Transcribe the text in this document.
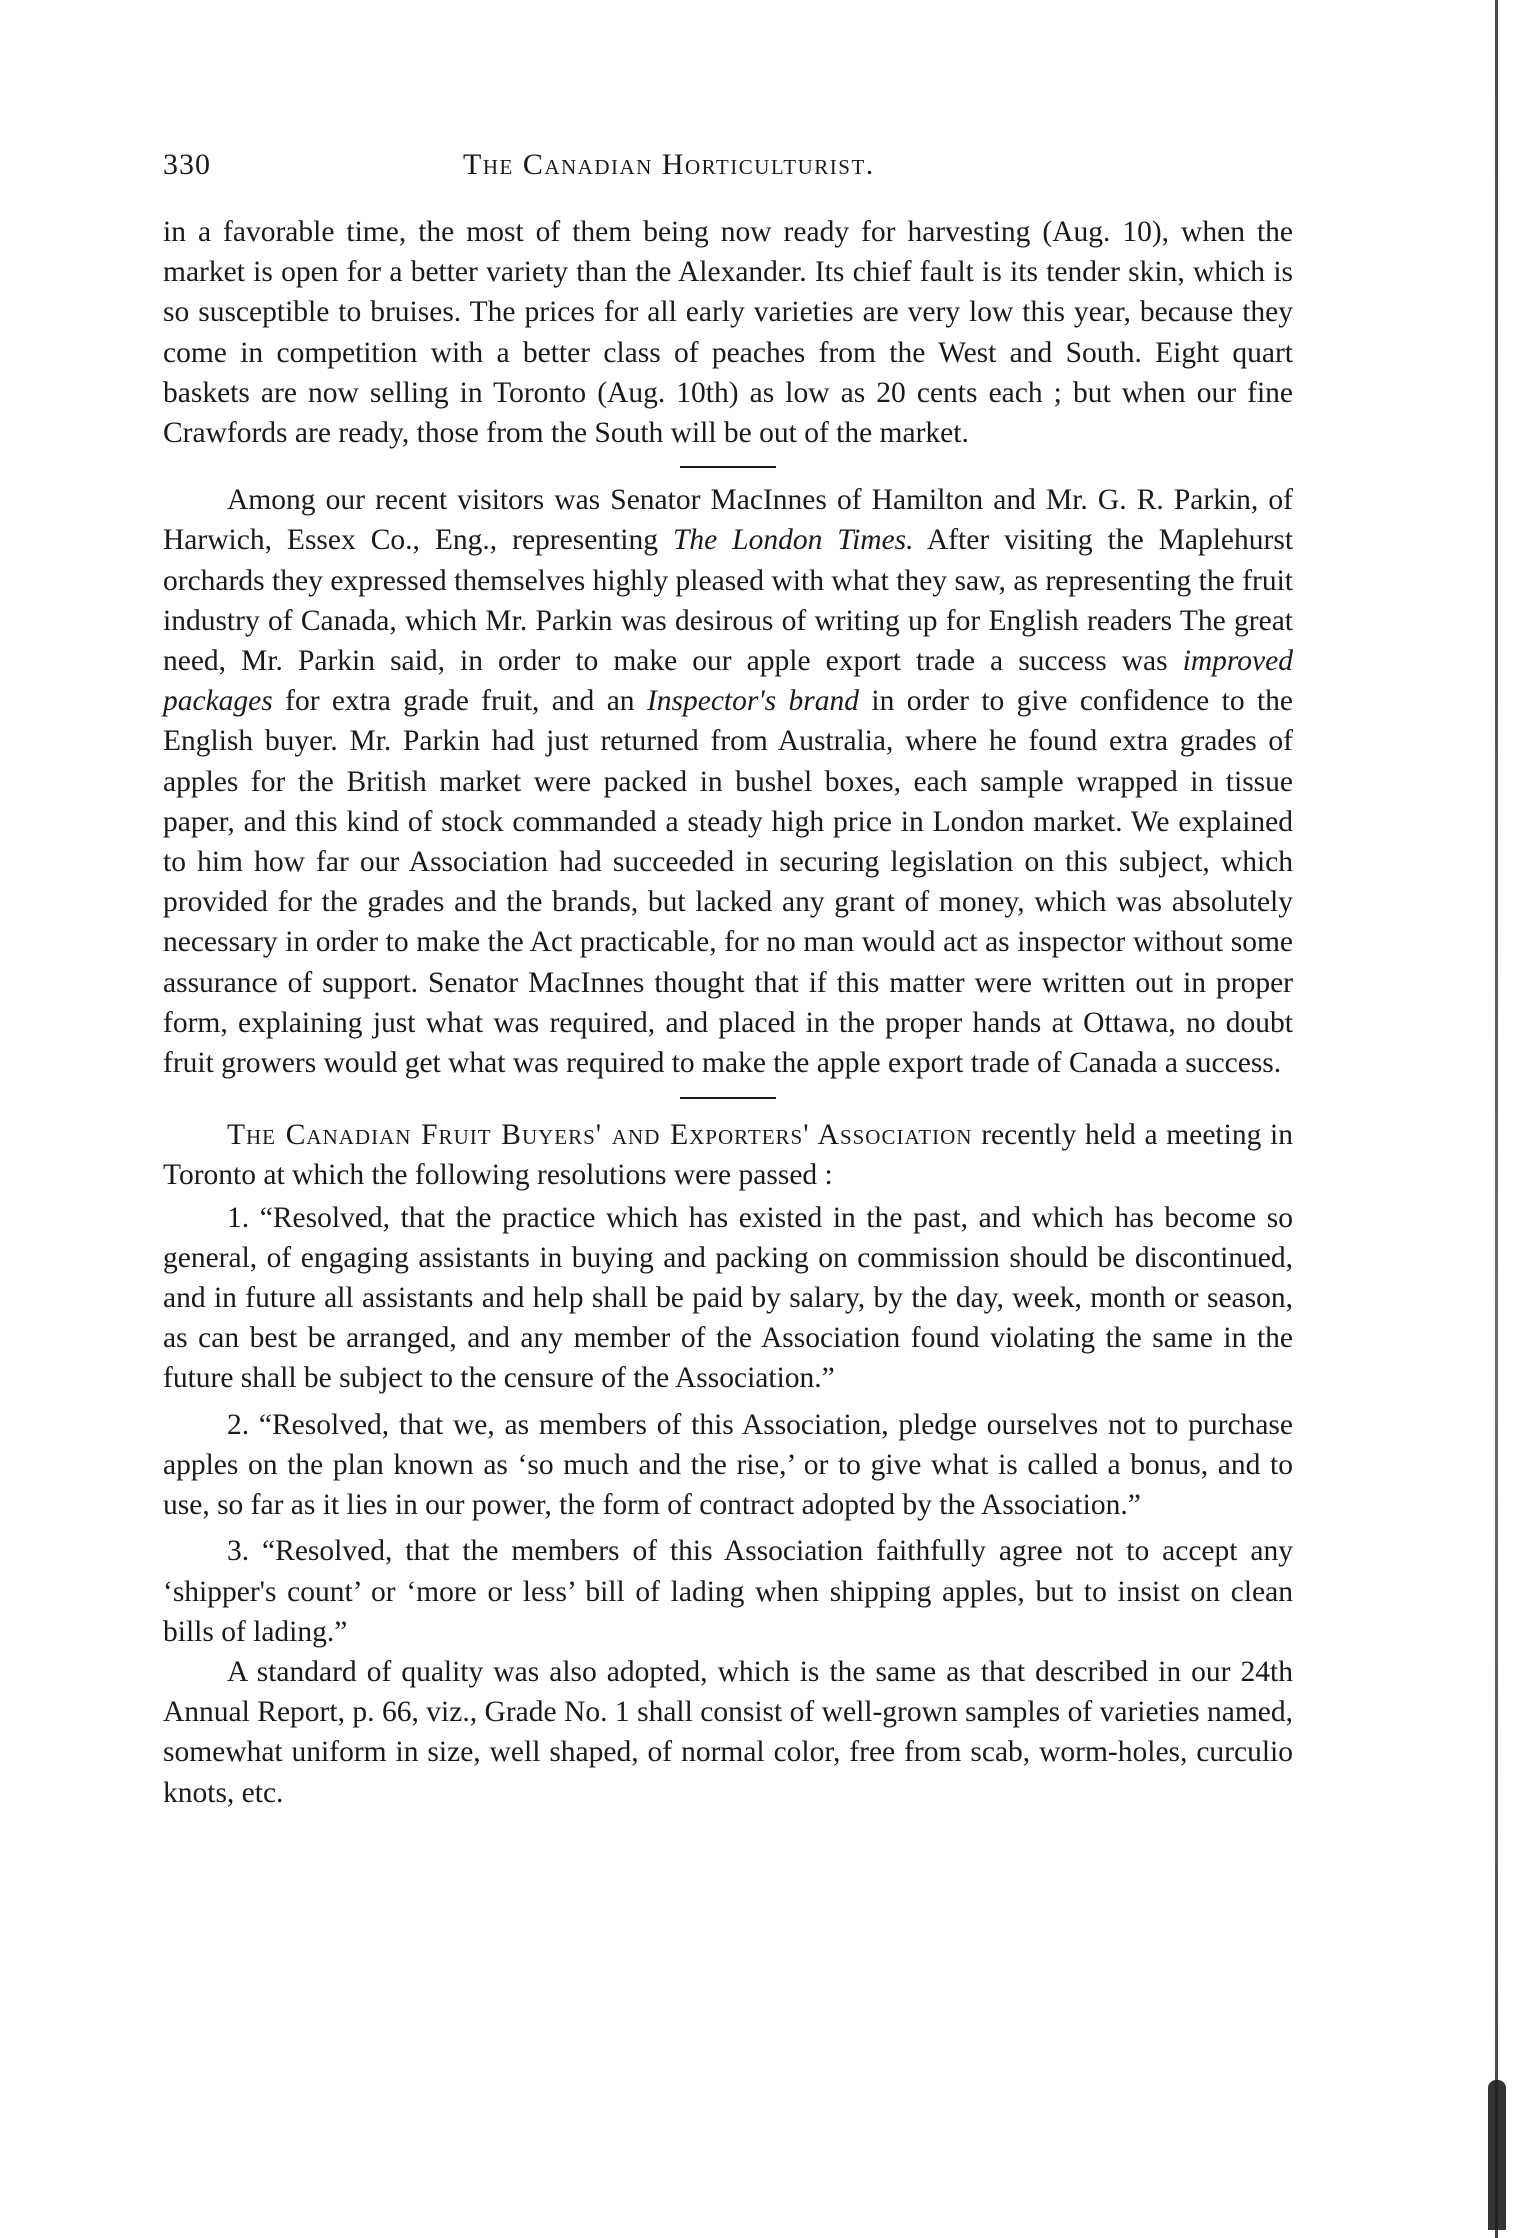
330	The Canadian Horticulturist.

in a favorable time, the most of them being now ready for harvesting (Aug. 10), when the market is open for a better variety than the Alexander. Its chief fault is its tender skin, which is so susceptible to bruises. The prices for all early varieties are very low this year, because they come in competition with a better class of peaches from the West and South. Eight quart baskets are now selling in Toronto (Aug. 10th) as low as 20 cents each ; but when our fine Crawfords are ready, those from the South will be out of the market.

Among our recent visitors was Senator MacInnes of Hamilton and Mr. G. R. Parkin, of Harwich, Essex Co., Eng., representing The London Times. After visiting the Maplehurst orchards they expressed themselves highly pleased with what they saw, as representing the fruit industry of Canada, which Mr. Parkin was desirous of writing up for English readers The great need, Mr. Parkin said, in order to make our apple export trade a success was improved packages for extra grade fruit, and an Inspector's brand in order to give confidence to the English buyer. Mr. Parkin had just returned from Australia, where he found extra grades of apples for the British market were packed in bushel boxes, each sample wrapped in tissue paper, and this kind of stock commanded a steady high price in London market. We explained to him how far our Association had succeeded in securing legislation on this subject, which provided for the grades and the brands, but lacked any grant of money, which was absolutely necessary in order to make the Act practicable, for no man would act as inspector without some assurance of support. Senator MacInnes thought that if this matter were written out in proper form, explaining just what was required, and placed in the proper hands at Ottawa, no doubt fruit growers would get what was required to make the apple export trade of Canada a success.

The Canadian Fruit Buyers' and Exporters' Association recently held a meeting in Toronto at which the following resolutions were passed :

1. “Resolved, that the practice which has existed in the past, and which has become so general, of engaging assistants in buying and packing on commission should be discontinued, and in future all assistants and help shall be paid by salary, by the day, week, month or season, as can best be arranged, and any member of the Association found violating the same in the future shall be subject to the censure of the Association.”

2. “Resolved, that we, as members of this Association, pledge ourselves not to purchase apples on the plan known as ‘so much and the rise,’ or to give what is called a bonus, and to use, so far as it lies in our power, the form of contract adopted by the Association.”

3. “Resolved, that the members of this Association faithfully agree not to accept any ‘shipper's count’ or ‘more or less’ bill of lading when shipping apples, but to insist on clean bills of lading.”

A standard of quality was also adopted, which is the same as that described in our 24th Annual Report, p. 66, viz., Grade No. 1 shall consist of well-grown samples of varieties named, somewhat uniform in size, well shaped, of normal color, free from scab, worm-holes, curculio knots, etc.
